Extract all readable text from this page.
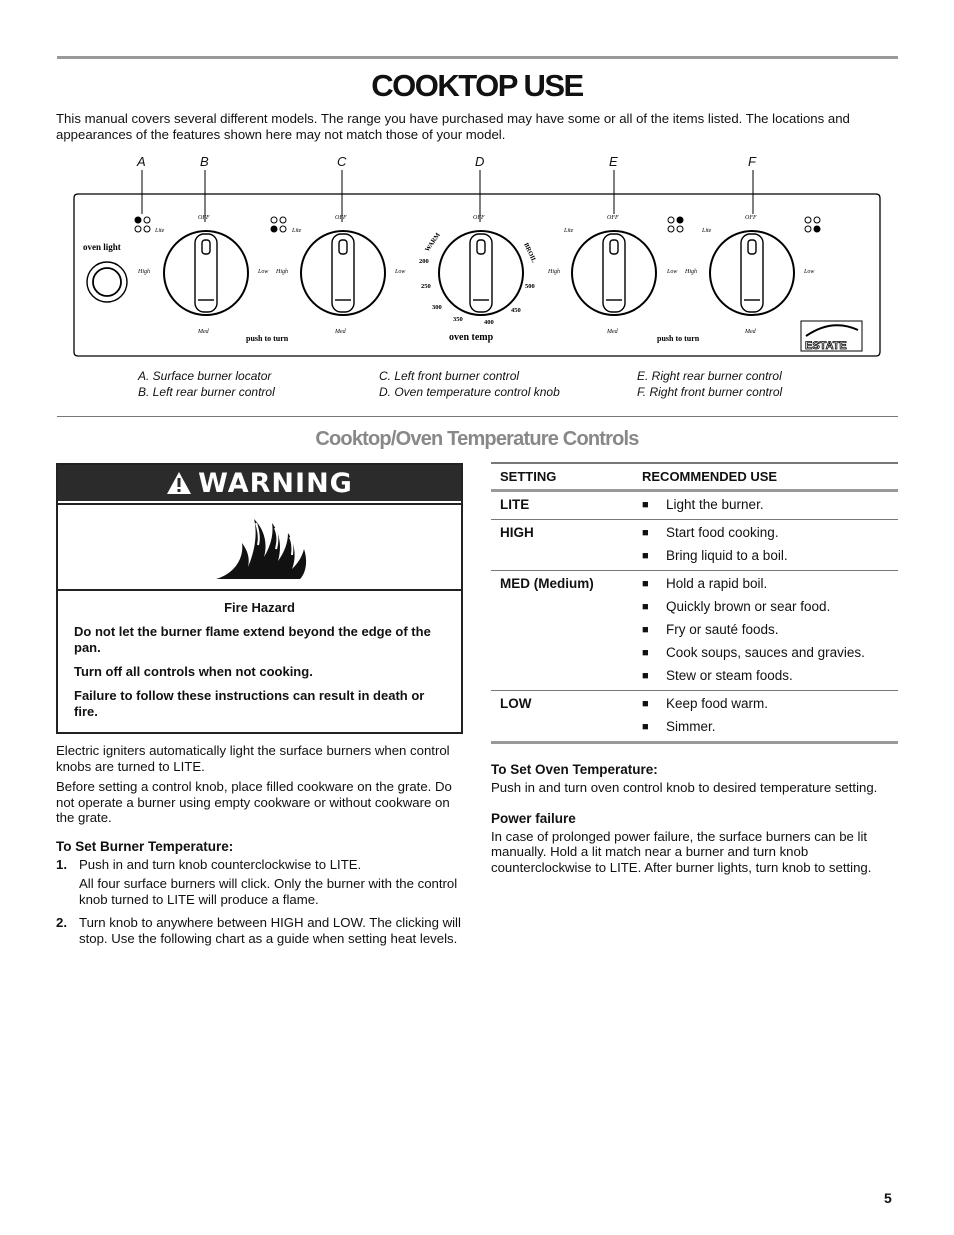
COOKTOP USE

This manual covers several different models. The range you have purchased may have some or all of the items listed. The locations and appearances of the features shown here may not match those of your model.

A	B	C	D	E	F
oven light
OFF
Lite
High	Low
Med
OFF
Lite
High	Low
Med
OFF	OFF
Lite
High	Low
Med
OFF
Lite
High	Low
Med
WARM	BROIL
200
250
300
350	400
450
500
push to turn	oven temp	push to turn
ESTATE
A. Surface burner locator
B. Left rear burner control
C. Left front burner control
D. Oven temperature control knob
E. Right rear burner control
F. Right front burner control
Cooktop/Oven Temperature Controls
WARNING
Fire Hazard

Do not let the burner flame extend beyond the edge of the pan.

Turn off all controls when not cooking.

Failure to follow these instructions can result in death or fire.

Electric igniters automatically light the surface burners when control knobs are turned to LITE.

Before setting a control knob, place filled cookware on the grate. Do not operate a burner using empty cookware or without cookware on the grate.

To Set Burner Temperature:
1. Push in and turn knob counterclockwise to LITE.
All four surface burners will click. Only the burner with the control knob turned to LITE will produce a flame.
2. Turn knob to anywhere between HIGH and LOW. The clicking will stop. Use the following chart as a guide when setting heat levels.
SETTING	RECOMMENDED USE
LITE	■	Light the burner.
HIGH	■	Start food cooking.
■	Bring liquid to a boil.
MED (Medium)	■	Hold a rapid boil.
■	Quickly brown or sear food.
■	Fry or sauté foods.
■	Cook soups, sauces and gravies.
■	Stew or steam foods.
LOW	■	Keep food warm.
■	Simmer.
To Set Oven Temperature:

Push in and turn oven control knob to desired temperature setting.

Power failure

In case of prolonged power failure, the surface burners can be lit manually. Hold a lit match near a burner and turn knob counterclockwise to LITE. After burner lights, turn knob to setting.

5
